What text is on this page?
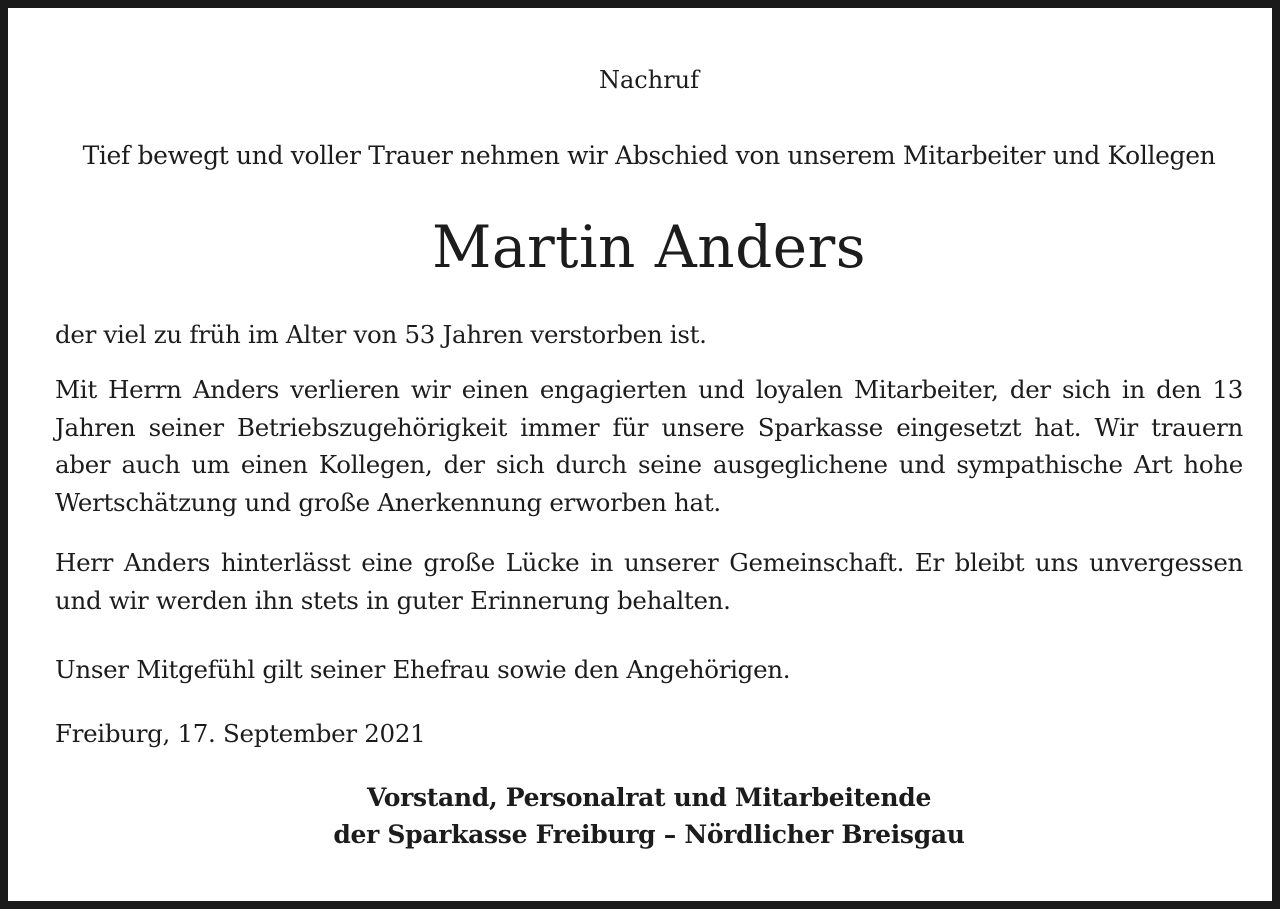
Nachruf
Tief bewegt und voller Trauer nehmen wir Abschied von unserem Mitarbeiter und Kollegen
Martin Anders

der viel zu früh im Alter von 53 Jahren verstorben ist.

Mit Herrn Anders verlieren wir einen engagierten und loyalen Mitarbeiter, der sich in den 13 Jahren seiner Betriebszugehörigkeit immer für unsere Sparkasse eingesetzt hat. Wir trauern aber auch um einen Kollegen, der sich durch seine ausgeglichene und sympathische Art hohe Wertschätzung und große Anerkennung erworben hat.

Herr Anders hinterlässt eine große Lücke in unserer Gemeinschaft. Er bleibt uns unvergessen und wir werden ihn stets in guter Erinnerung behalten.

Unser Mitgefühl gilt seiner Ehefrau sowie den Angehörigen.

Freiburg, 17. September 2021

Vorstand, Personalrat und Mitarbeitende
der Sparkasse Freiburg – Nördlicher Breisgau
